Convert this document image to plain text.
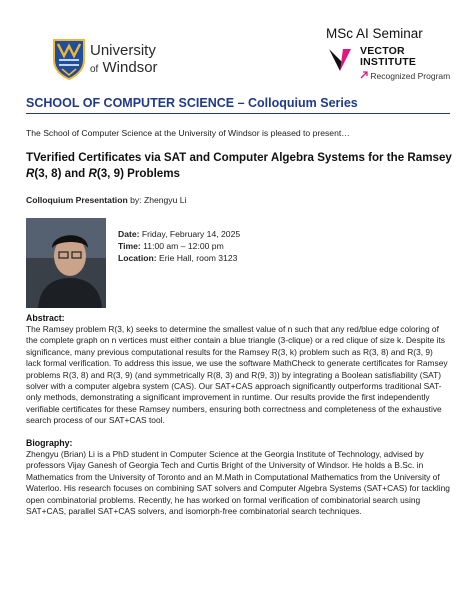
University
of Windsor
MSc AI Seminar
VECTOR
INSTITUTE
Recognized Program
SCHOOL OF COMPUTER SCIENCE – Colloquium Series
The School of Computer Science at the University of Windsor is pleased to present…
TVerified Certificates via SAT and Computer Algebra Systems for the Ramsey R(3, 8) and R(3, 9) Problems
Colloquium Presentation by: Zhengyu Li
Date: Friday, February 14, 2025
Time: 11:00 am – 12:00 pm
Location: Erie Hall, room 3123
Abstract:
The Ramsey problem R(3, k) seeks to determine the smallest value of n such that any red/blue edge coloring of the complete graph on n vertices must either contain a blue triangle (3-clique) or a red clique of size k. Despite its significance, many previous computational results for the Ramsey R(3, k) problem such as R(3, 8) and R(3, 9) lack formal verification. To address this issue, we use the software MathCheck to generate certificates for Ramsey problems R(3, 8) and R(3, 9) (and symmetrically R(8, 3) and R(9, 3)) by integrating a Boolean satisfiability (SAT) solver with a computer algebra system (CAS). Our SAT+CAS approach significantly outperforms traditional SAT-only methods, demonstrating a significant improvement in runtime. Our results provide the first independently verifiable certificates for these Ramsey numbers, ensuring both correctness and completeness of the exhaustive search process of our SAT+CAS tool.
Biography:
Zhengyu (Brian) Li is a PhD student in Computer Science at the Georgia Institute of Technology, advised by professors Vijay Ganesh of Georgia Tech and Curtis Bright of the University of Windsor. He holds a B.Sc. in Mathematics from the University of Toronto and an M.Math in Computational Mathematics from the University of Waterloo. His research focuses on combining SAT solvers and Computer Algebra Systems (SAT+CAS) for tackling open combinatorial problems. Recently, he has worked on formal verification of combinatorial search using SAT+CAS, parallel SAT+CAS solvers, and isomorph-free combinatorial search techniques.
